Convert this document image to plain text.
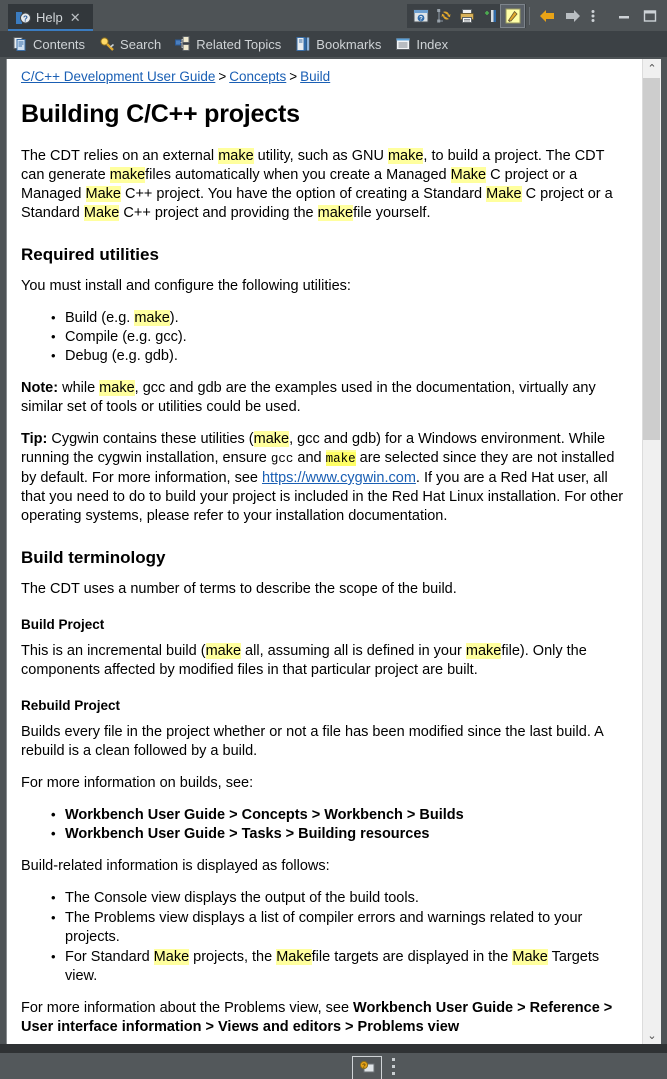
? Help ✕	?
Contents	Search	Related Topics	Bookmarks	Index
C/C++ Development User Guide > Concepts > Build
Building C/C++ projects

The CDT relies on an external make utility, such as GNU make, to build a project. The CDT can generate makefiles automatically when you create a Managed Make C project or a Managed Make C++ project. You have the option of creating a Standard Make C project or a Standard Make C++ project and providing the makefile yourself.

Required utilities

You must install and configure the following utilities:

• Build (e.g. make).
• Compile (e.g. gcc).
• Debug (e.g. gdb).

Note: while make, gcc and gdb are the examples used in the documentation, virtually any similar set of tools or utilities could be used.

Tip: Cygwin contains these utilities (make, gcc and gdb) for a Windows environment. While running the cygwin installation, ensure gcc and make are selected since they are not installed by default. For more information, see https://www.cygwin.com. If you are a Red Hat user, all that you need to do to build your project is included in the Red Hat Linux installation. For other operating systems, please refer to your installation documentation.

Build terminology

The CDT uses a number of terms to describe the scope of the build.

Build Project

This is an incremental build (make all, assuming all is defined in your makefile). Only the components affected by modified files in that particular project are built.

Rebuild Project

Builds every file in the project whether or not a file has been modified since the last build. A rebuild is a clean followed by a build.

For more information on builds, see:

• Workbench User Guide > Concepts > Workbench > Builds
• Workbench User Guide > Tasks > Building resources

Build-related information is displayed as follows:

• The Console view displays the output of the build tools.
• The Problems view displays a list of compiler errors and warnings related to your projects.
• For Standard Make projects, the Makefile targets are displayed in the Make Targets view.

For more information about the Problems view, see Workbench User Guide > Reference > User interface information > Views and editors > Problems view

⌃
⌄
?
